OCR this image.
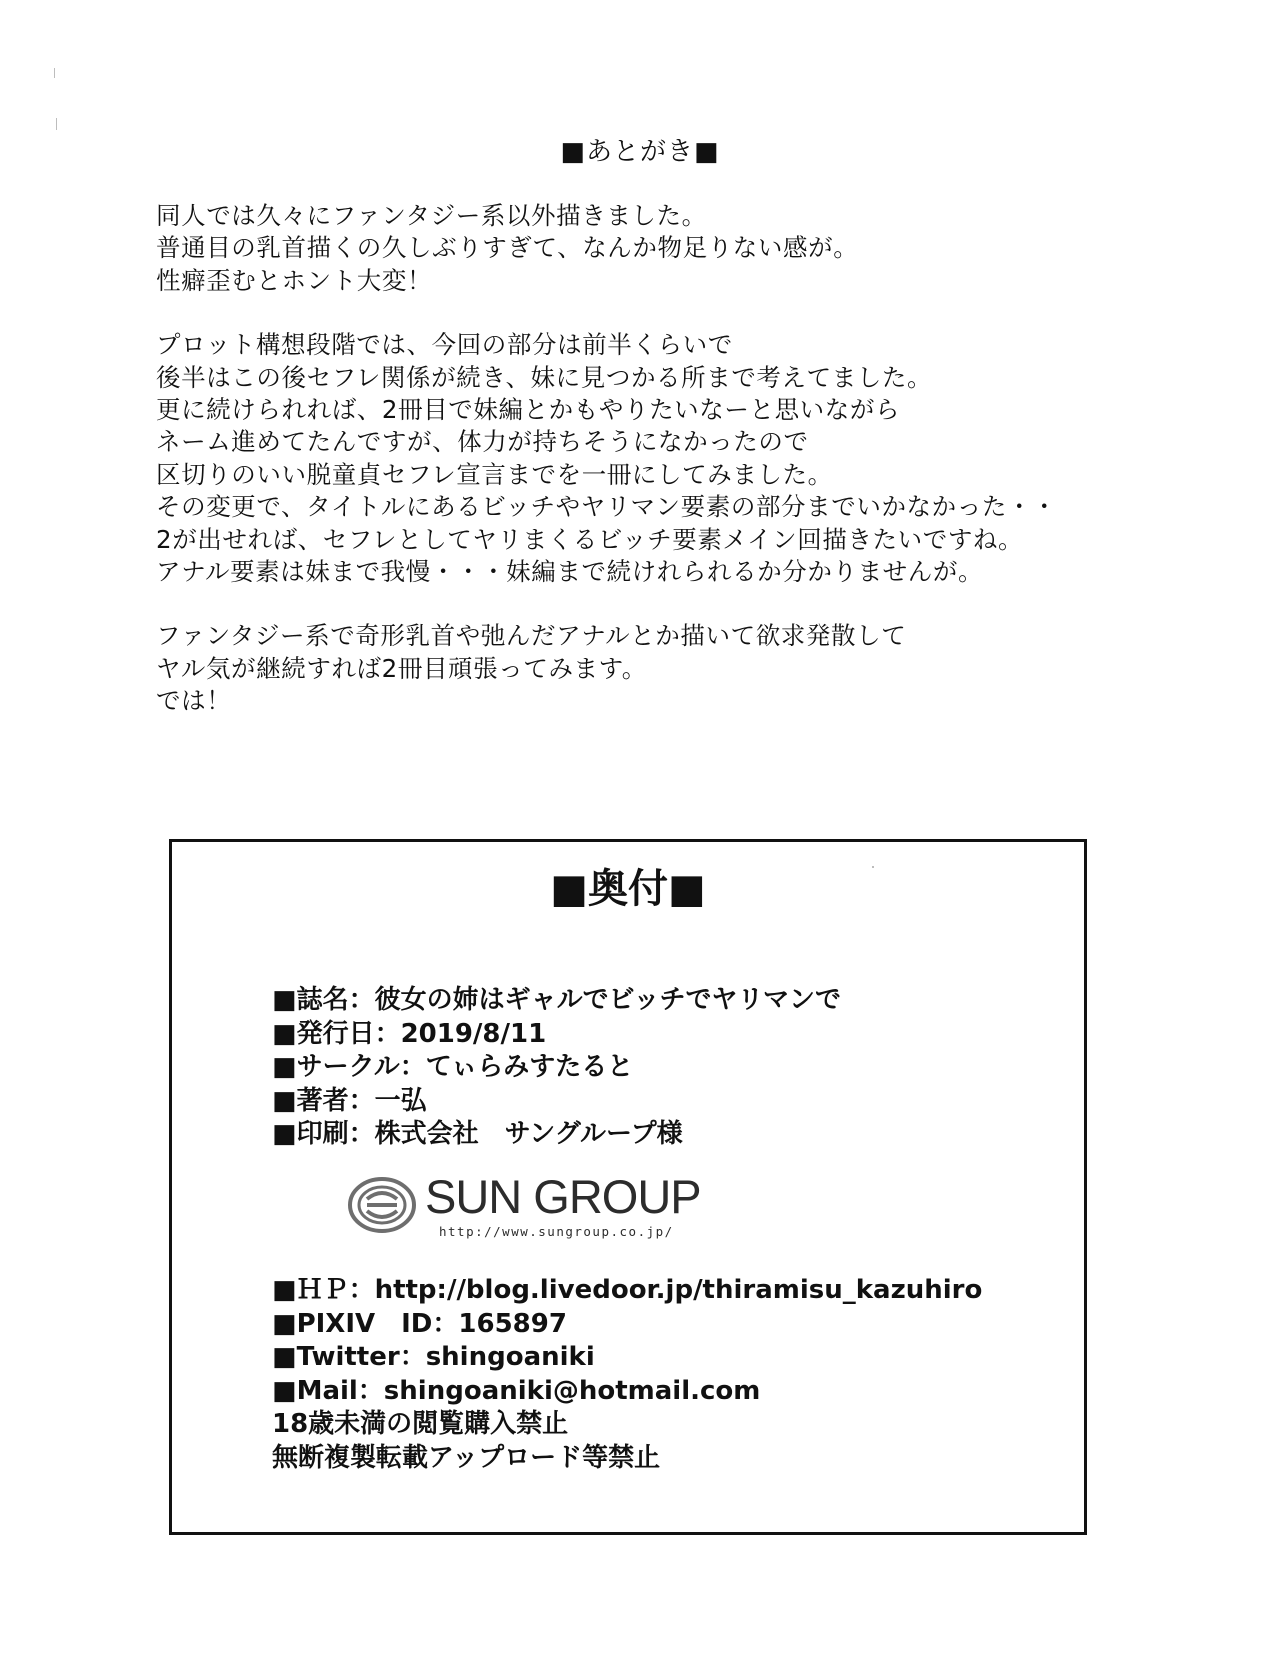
■あとがき■
同人では久々にファンタジー系以外描きました。
普通目の乳首描くの久しぶりすぎて、なんか物足りない感が。
性癖歪むとホント大変！
プロット構想段階では、今回の部分は前半くらいで
後半はこの後セフレ関係が続き、妹に見つかる所まで考えてました。
更に続けられれば、2冊目で妹編とかもやりたいなーと思いながら
ネーム進めてたんですが、体力が持ちそうになかったので
区切りのいい脱童貞セフレ宣言までを一冊にしてみました。
その変更で、タイトルにあるビッチやヤリマン要素の部分までいかなかった・・
2が出せれば、セフレとしてヤリまくるビッチ要素メイン回描きたいですね。
アナル要素は妹まで我慢・・・妹編まで続けれられるか分かりませんが。
ファンタジー系で奇形乳首や弛んだアナルとか描いて欲求発散して
ヤル気が継続すれば2冊目頑張ってみます。
では！
■奥付■
■誌名：彼女の姉はギャルでビッチでヤリマンで
■発行日：2019/8/11
■サークル：てぃらみすたると
■著者：一弘
■印刷：株式会社　サングループ様
SUN GROUP
http://www.sungroup.co.jp/
■ＨＰ：http://blog.livedoor.jp/thiramisu_kazuhiro
■PIXIV　ID：165897
■Twitter：shingoaniki
■Mail：shingoaniki@hotmail.com
18歳未満の閲覧購入禁止
無断複製転載アップロード等禁止
